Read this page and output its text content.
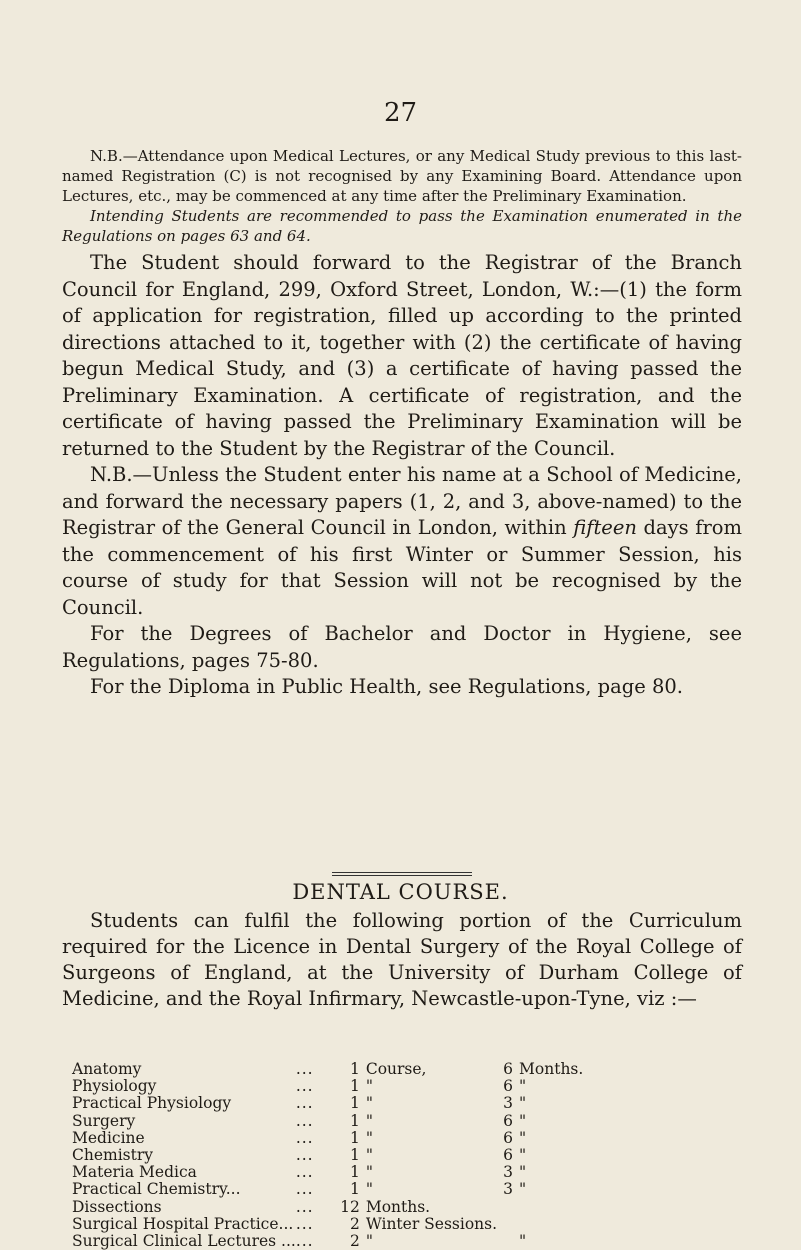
27

N.B.—Attendance upon Medical Lectures, or any Medical Study previous to this last-named Registration (C) is not recognised by any Examining Board. Attendance upon Lectures, etc., may be commenced at any time after the Preliminary Examination.

Intending Students are recommended to pass the Examination enumerated in the Regulations on pages 63 and 64.

The Student should forward to the Registrar of the Branch Council for England, 299, Oxford Street, London, W.:—(1) the form of application for registration, filled up according to the printed directions attached to it, together with (2) the certificate of having begun Medical Study, and (3) a certificate of having passed the Preliminary Examination. A certificate of registration, and the certificate of having passed the Preliminary Examination will be returned to the Student by the Registrar of the Council.

N.B.—Unless the Student enter his name at a School of Medicine, and forward the necessary papers (1, 2, and 3, above-named) to the Registrar of the General Council in London, within fifteen days from the commencement of his first Winter or Summer Session, his course of study for that Session will not be recognised by the Council.

For the Degrees of Bachelor and Doctor in Hygiene, see Regulations, pages 75-80.

For the Diploma in Public Health, see Regulations, page 80.

DENTAL COURSE.

Students can fulfil the following portion of the Curriculum required for the Licence in Dental Surgery of the Royal College of Surgeons of England, at the University of Durham College of Medicine, and the Royal Infirmary, Newcastle-upon-Tyne, viz :—

Anatomy	...	1	Course,	6	Months.
Physiology	...	1	"	6	"
Practical Physiology	...	1	"	3	"
Surgery	...	1	"	6	"
Medicine	...	1	"	6	"
Chemistry	...	1	"	6	"
Materia Medica	...	1	"	3	"
Practical Chemistry...	...	1	"	3	"
Dissections	...	12	Months.		
Surgical Hospital Practice...	...	2	Winter Sessions.		
Surgical Clinical Lectures ...	...	2	"		"
